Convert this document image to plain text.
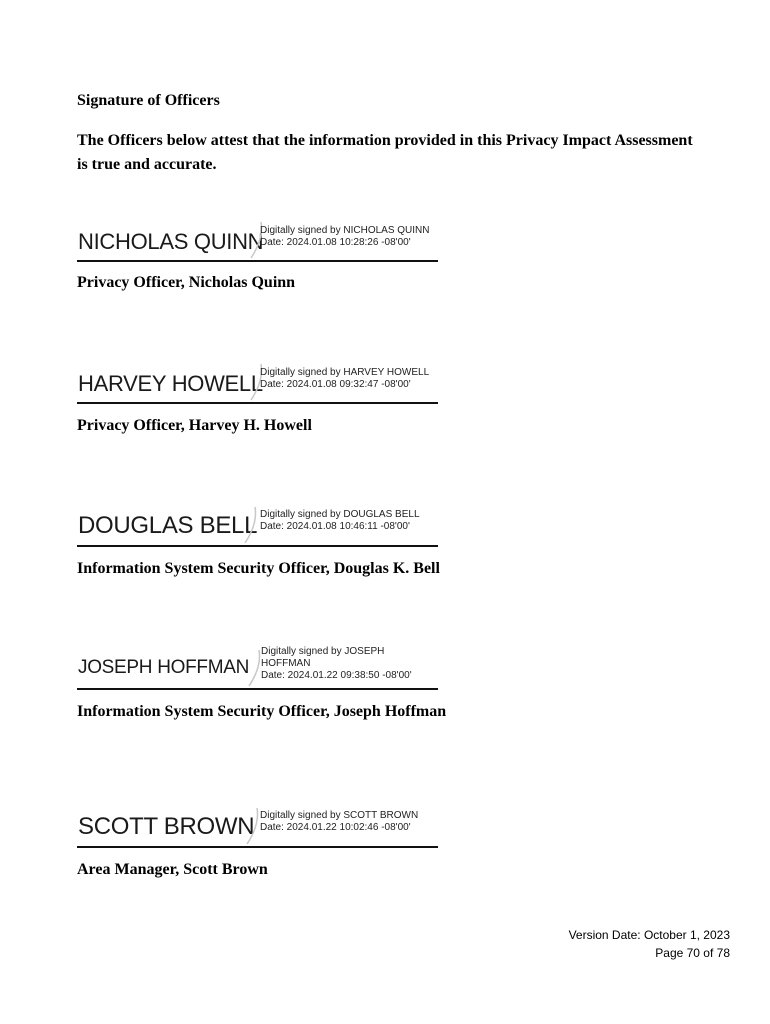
Signature of Officers
The Officers below attest that the information provided in this Privacy Impact Assessment is true and accurate.
NICHOLAS QUINN
Digitally signed by NICHOLAS QUINN
Date: 2024.01.08 10:28:26 -08'00'
Privacy Officer, Nicholas Quinn
HARVEY HOWELL
Digitally signed by HARVEY HOWELL
Date: 2024.01.08 09:32:47 -08'00'
Privacy Officer, Harvey H. Howell
DOUGLAS BELL Digitally signed by DOUGLAS BELL
Date: 2024.01.08 10:46:11 -08'00'
Information System Security Officer, Douglas K. Bell
JOSEPH HOFFMAN
Digitally signed by JOSEPH
HOFFMAN
Date: 2024.01.22 09:38:50 -08'00'
Information System Security Officer, Joseph Hoffman
SCOTT BROWN Digitally signed by SCOTT BROWN
Date: 2024.01.22 10:02:46 -08'00'
Area Manager, Scott Brown
Version Date: October 1, 2023
Page 70 of 78
